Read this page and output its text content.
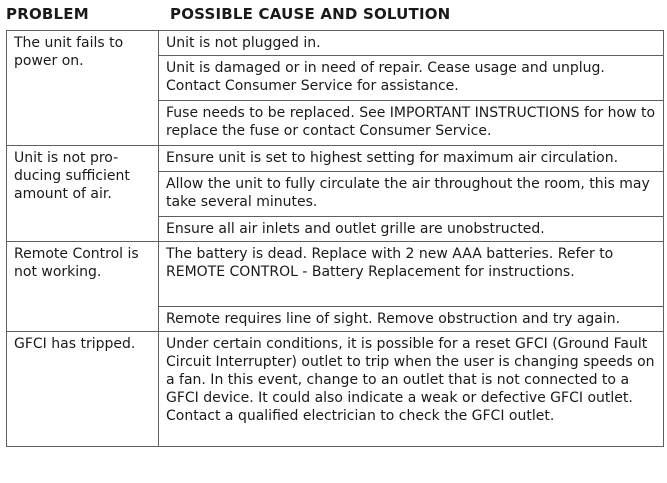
PROBLEM	POSSIBLE CAUSE AND SOLUTION
The unit fails to power on.	Unit is not plugged in.
	Unit is damaged or in need of repair. Cease usage and unplug. Contact Consumer Service for assistance.
	Fuse needs to be replaced. See IMPORTANT INSTRUCTIONS for how to replace the fuse or contact Consumer Service.
Unit is not pro-ducing sufficient amount of air.	Ensure unit is set to highest setting for maximum air circulation.
	Allow the unit to fully circulate the air throughout the room, this may take several minutes.
	Ensure all air inlets and outlet grille are unobstructed.
Remote Control is not working.	The battery is dead. Replace with 2 new AAA batteries. Refer to REMOTE CONTROL - Battery Replacement for instructions.
	Remote requires line of sight. Remove obstruction and try again.
GFCI has tripped.	Under certain conditions, it is possible for a reset GFCI (Ground Fault Circuit Interrupter) outlet to trip when the user is changing speeds on a fan. In this event, change to an outlet that is not connected to a GFCI device. It could also indicate a weak or defective GFCI outlet. Contact a qualified electrician to check the GFCI outlet.
